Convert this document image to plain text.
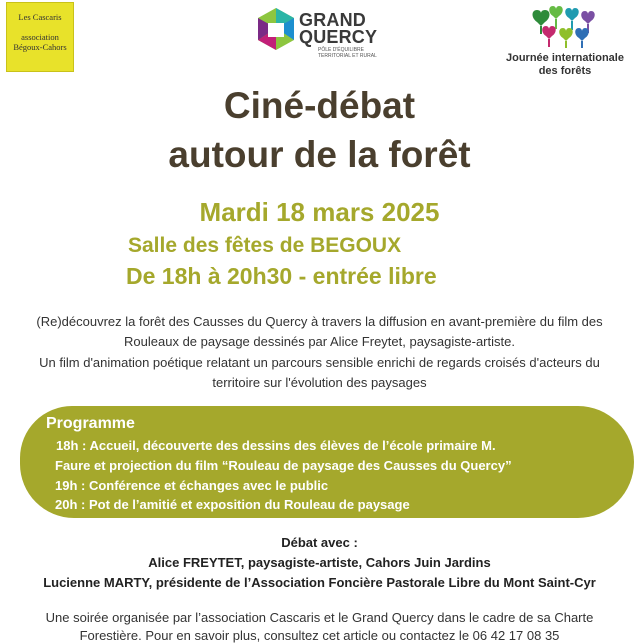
Les Cascaris
association
Bégoux-Cahors
GRAND
QUERCY
PÔLE D'ÉQUILIBRE
TERRITORIAL ET RURAL	Journée internationale
des forêts
Ciné-débat
autour de la forêt
Mardi 18 mars 2025
Salle des fêtes de BEGOUX
De 18h à 20h30 - entrée libre
(Re)découvrez la forêt des Causses du Quercy à travers la diffusion en avant-première du film des
Rouleaux de paysage dessinés par Alice Freytet, paysagiste-artiste.
Un film d'animation poétique relatant un parcours sensible enrichi de regards croisés d'acteurs du
territoire sur l'évolution des paysages
Programme
18h : Accueil, découverte des dessins des élèves de l’école primaire M.
Faure et projection du film “Rouleau de paysage des Causses du Quercy”
19h : Conférence et échanges avec le public
20h : Pot de l’amitié et exposition du Rouleau de paysage
Débat avec :
Alice FREYTET, paysagiste-artiste, Cahors Juin Jardins
Lucienne MARTY, présidente de l’Association Foncière Pastorale Libre du Mont Saint-Cyr
Une soirée organisée par l’association Cascaris et le Grand Quercy dans le cadre de sa Charte
Forestière. Pour en savoir plus, consultez cet article ou contactez le 06 42 17 08 35
